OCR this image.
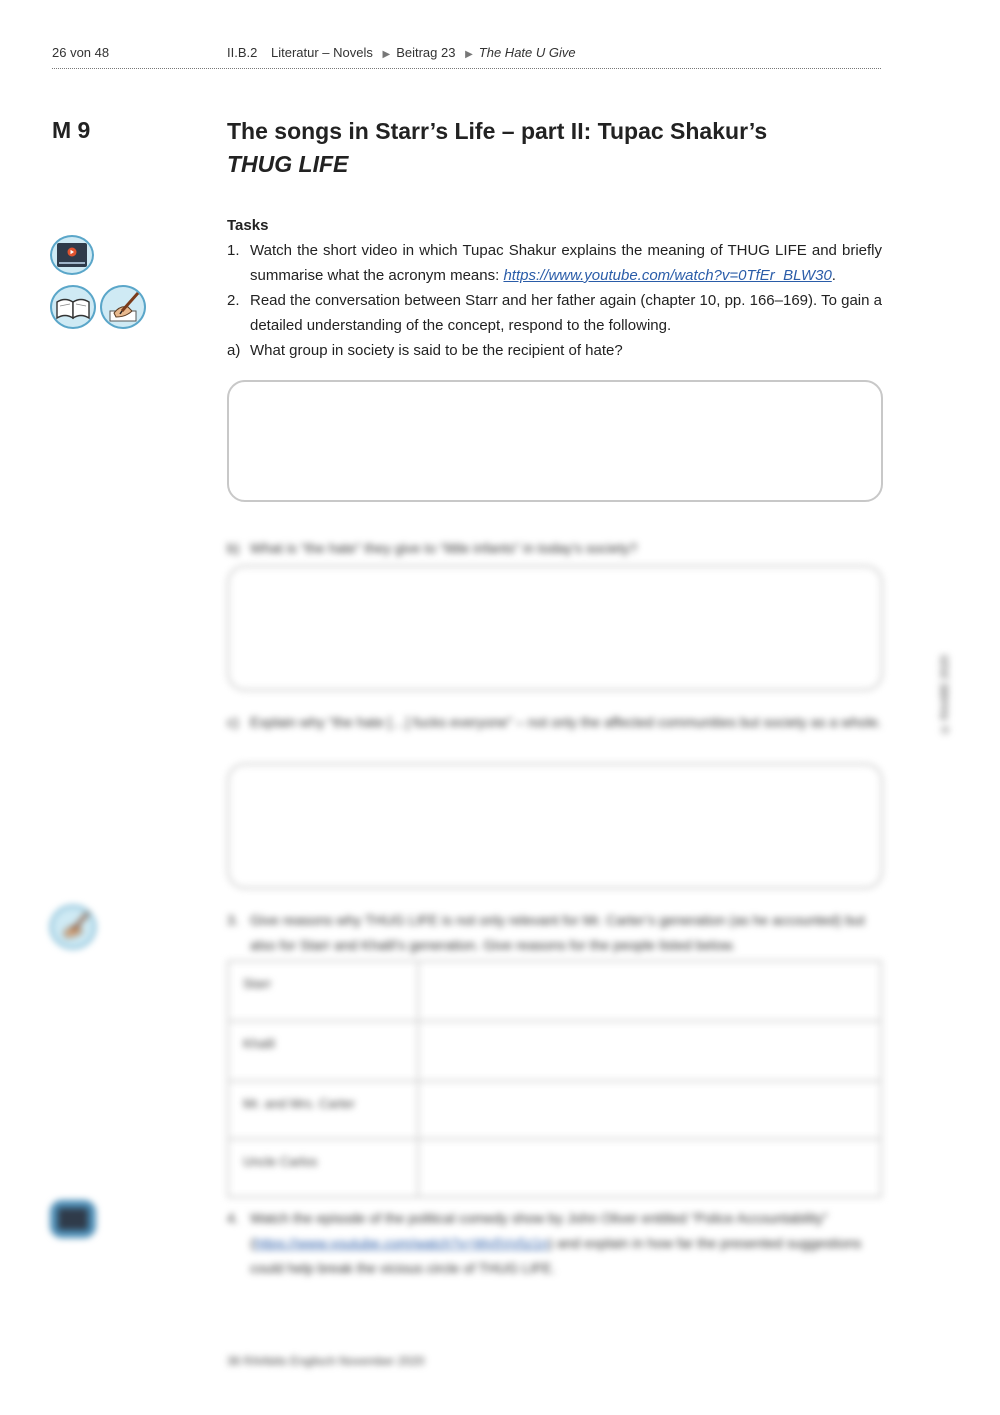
26 von 48	II.B.2 Literatur – Novels ▶ Beitrag 23 ▶ The Hate U Give
M 9	The songs in Starr’s Life – part II: Tupac Shakur’s
THUG LIFE
Tasks
1. Watch the short video in which Tupac Shakur explains the meaning of THUG LIFE and briefly summarise what the acronym means: https://www.youtube.com/watch?v=0TfEr_BLW30.
2. Read the conversation between Starr and her father again (chapter 10, pp. 166–169). To gain a detailed understanding of the concept, respond to the following.
a) What group in society is said to be the recipient of hate?
b) What is “the hate” they give to “little infants” in today’s society?
c) Explain why “the hate […] fucks everyone” – not only the affected communities but society as a whole.
3. Give reasons why THUG LIFE is not only relevant for Mr. Carter’s generation (as he accounted) but also for Starr and Khalil’s generation. Give reasons for the people listed below.
Starr	
Khalil	
Mr. and Mrs. Carter	
Uncle Carlos	
4. Watch the episode of the political comedy show by John Oliver entitled “Police Accountability” (https://www.youtube.com/watch?v=Wv5Vv5z1n) and explain in how far the presented suggestions could help break the vicious circle of THUG LIFE.
36 RAAbits Englisch November 2020
© RAABE 2020
